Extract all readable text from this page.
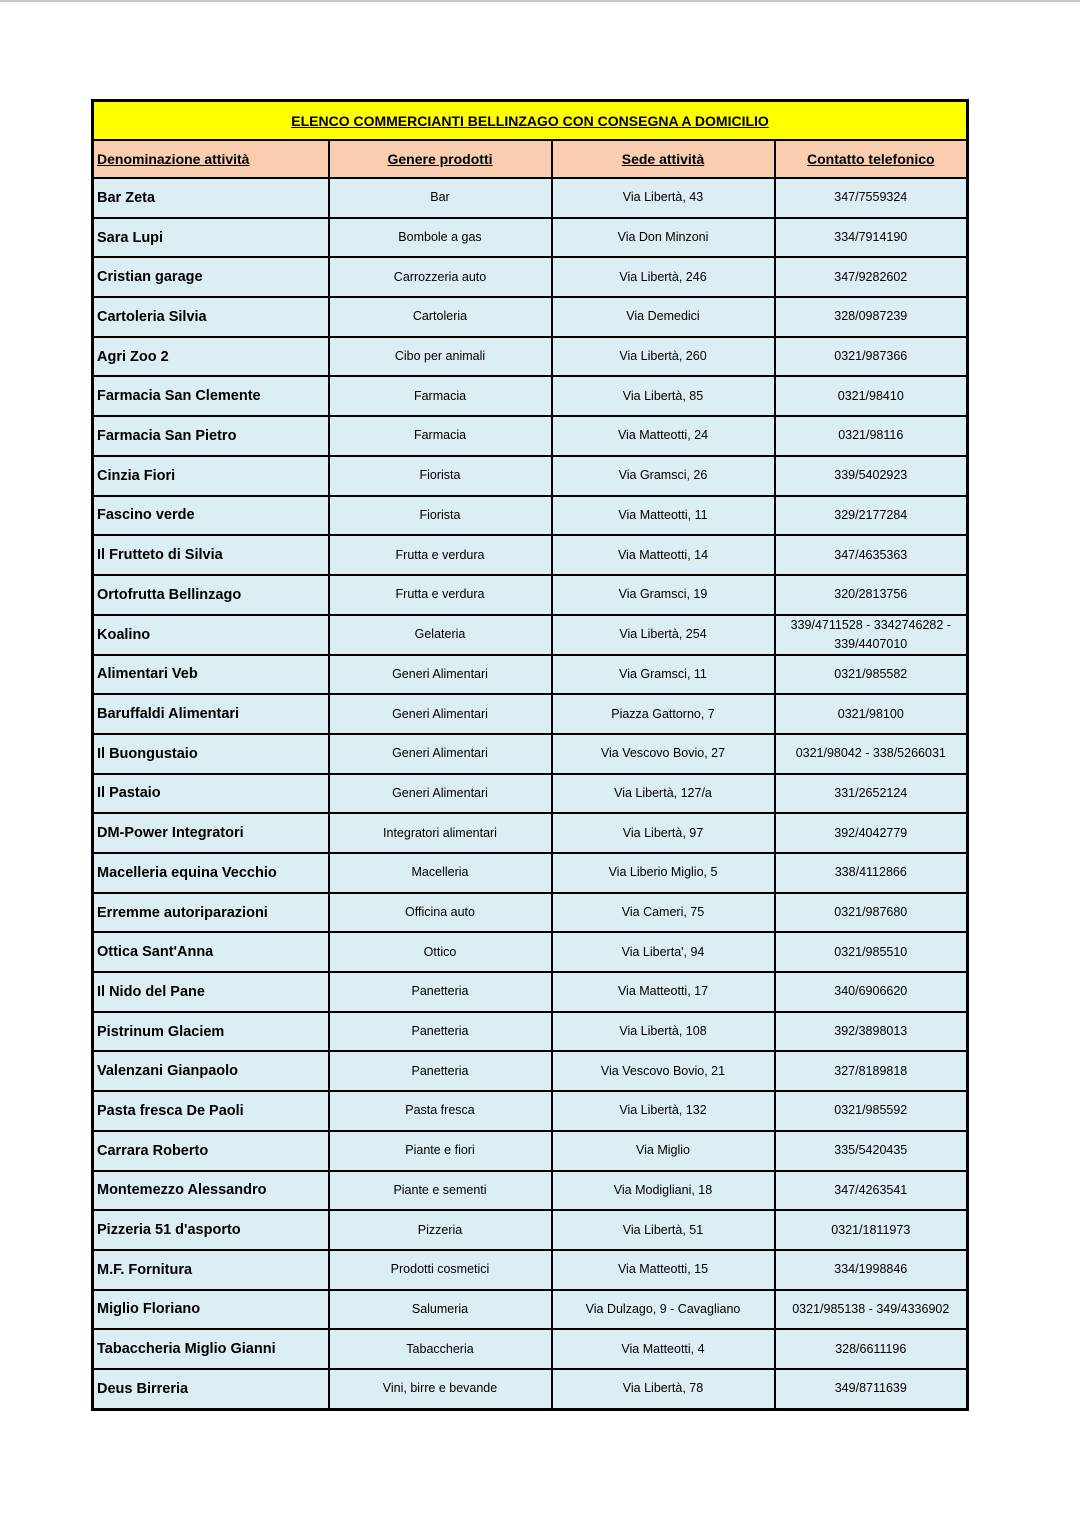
ELENCO COMMERCIANTI BELLINZAGO CON CONSEGNA A DOMICILIO			
Denominazione attività	Genere prodotti	Sede attività	Contatto telefonico
Bar Zeta	Bar	Via Libertà, 43	347/7559324
Sara Lupi	Bombole a gas	Via Don Minzoni	334/7914190
Cristian garage	Carrozzeria auto	Via Libertà, 246	347/9282602
Cartoleria Silvia	Cartoleria	Via Demedici	328/0987239
Agri Zoo 2	Cibo per animali	Via Libertà, 260	0321/987366
Farmacia San Clemente	Farmacia	Via Libertà, 85	0321/98410
Farmacia San Pietro	Farmacia	Via Matteotti, 24	0321/98116
Cinzia Fiori	Fiorista	Via Gramsci, 26	339/5402923
Fascino verde	Fiorista	Via Matteotti, 11	329/2177284
Il Frutteto di Silvia	Frutta e verdura	Via Matteotti, 14	347/4635363
Ortofrutta Bellinzago	Frutta e verdura	Via Gramsci, 19	320/2813756
Koalino	Gelateria	Via Libertà, 254	339/4711528 - 3342746282 - 339/4407010
Alimentari Veb	Generi Alimentari	Via Gramsci, 11	0321/985582
Baruffaldi Alimentari	Generi Alimentari	Piazza Gattorno, 7	0321/98100
Il Buongustaio	Generi Alimentari	Via Vescovo Bovio, 27	0321/98042 - 338/5266031
Il Pastaio	Generi Alimentari	Via Libertà, 127/a	331/2652124
DM-Power Integratori	Integratori alimentari	Via Libertà, 97	392/4042779
Macelleria equina Vecchio	Macelleria	Via Liberio Miglio, 5	338/4112866
Erremme autoriparazioni	Officina auto	Via Cameri, 75	0321/987680
Ottica Sant'Anna	Ottico	Via Liberta', 94	0321/985510
Il Nido del Pane	Panetteria	Via Matteotti, 17	340/6906620
Pistrinum Glaciem	Panetteria	Via Libertà, 108	392/3898013
Valenzani Gianpaolo	Panetteria	Via Vescovo Bovio, 21	327/8189818
Pasta fresca De Paoli	Pasta fresca	Via Libertà, 132	0321/985592
Carrara Roberto	Piante e fiori	Via Miglio	335/5420435
Montemezzo Alessandro	Piante e sementi	Via Modigliani, 18	347/4263541
Pizzeria 51 d'asporto	Pizzeria	Via Libertà, 51	0321/1811973
M.F. Fornitura	Prodotti cosmetici	Via Matteotti, 15	334/1998846
Miglio Floriano	Salumeria	Via Dulzago, 9 - Cavagliano	0321/985138 - 349/4336902
Tabaccheria Miglio Gianni	Tabaccheria	Via Matteotti, 4	328/6611196
Deus Birreria	Vini, birre e bevande	Via Libertà, 78	349/8711639
